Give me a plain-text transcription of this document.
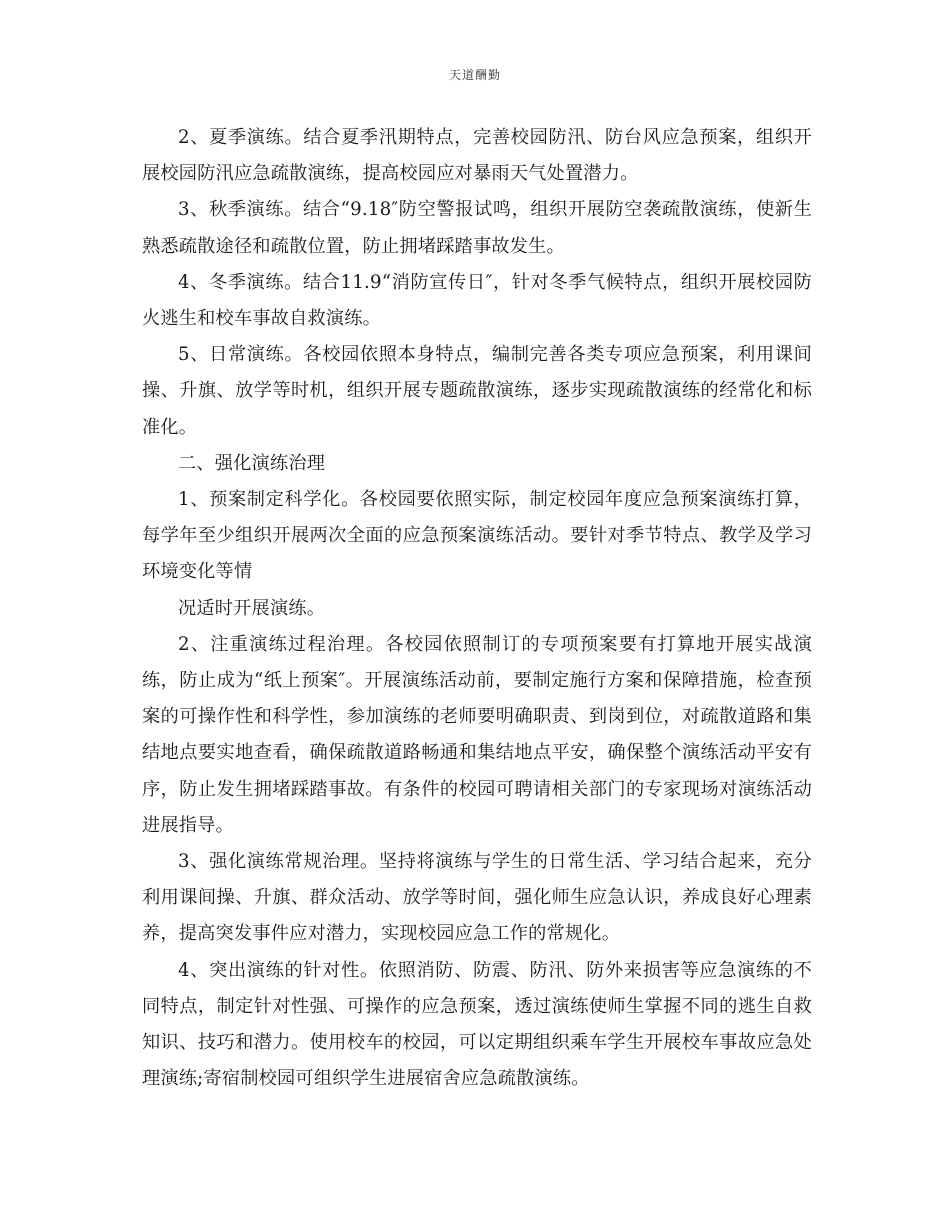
天道酬勤

2、夏季演练。结合夏季汛期特点，完善校园防汛、防台风应急预案，组织开展校园防汛应急疏散演练，提高校园应对暴雨天气处置潜力。

3、秋季演练。结合“9.18″防空警报试鸣，组织开展防空袭疏散演练，使新生熟悉疏散途径和疏散位置，防止拥堵踩踏事故发生。

4、冬季演练。结合11.9“消防宣传日″，针对冬季气候特点，组织开展校园防火逃生和校车事故自救演练。

5、日常演练。各校园依照本身特点，编制完善各类专项应急预案，利用课间操、升旗、放学等时机，组织开展专题疏散演练，逐步实现疏散演练的经常化和标准化。

二、强化演练治理

1、预案制定科学化。各校园要依照实际，制定校园年度应急预案演练打算，每学年至少组织开展两次全面的应急预案演练活动。要针对季节特点、教学及学习环境变化等情

况适时开展演练。

2、注重演练过程治理。各校园依照制订的专项预案要有打算地开展实战演练，防止成为“纸上预案″。开展演练活动前，要制定施行方案和保障措施，检查预案的可操作性和科学性，参加演练的老师要明确职责、到岗到位，对疏散道路和集结地点要实地查看，确保疏散道路畅通和集结地点平安，确保整个演练活动平安有序，防止发生拥堵踩踏事故。有条件的校园可聘请相关部门的专家现场对演练活动进展指导。

3、强化演练常规治理。坚持将演练与学生的日常生活、学习结合起来，充分利用课间操、升旗、群众活动、放学等时间，强化师生应急认识，养成良好心理素养，提高突发事件应对潜力，实现校园应急工作的常规化。

4、突出演练的针对性。依照消防、防震、防汛、防外来损害等应急演练的不同特点，制定针对性强、可操作的应急预案，透过演练使师生掌握不同的逃生自救知识、技巧和潜力。使用校车的校园，可以定期组织乘车学生开展校车事故应急处理演练;寄宿制校园可组织学生进展宿舍应急疏散演练。
